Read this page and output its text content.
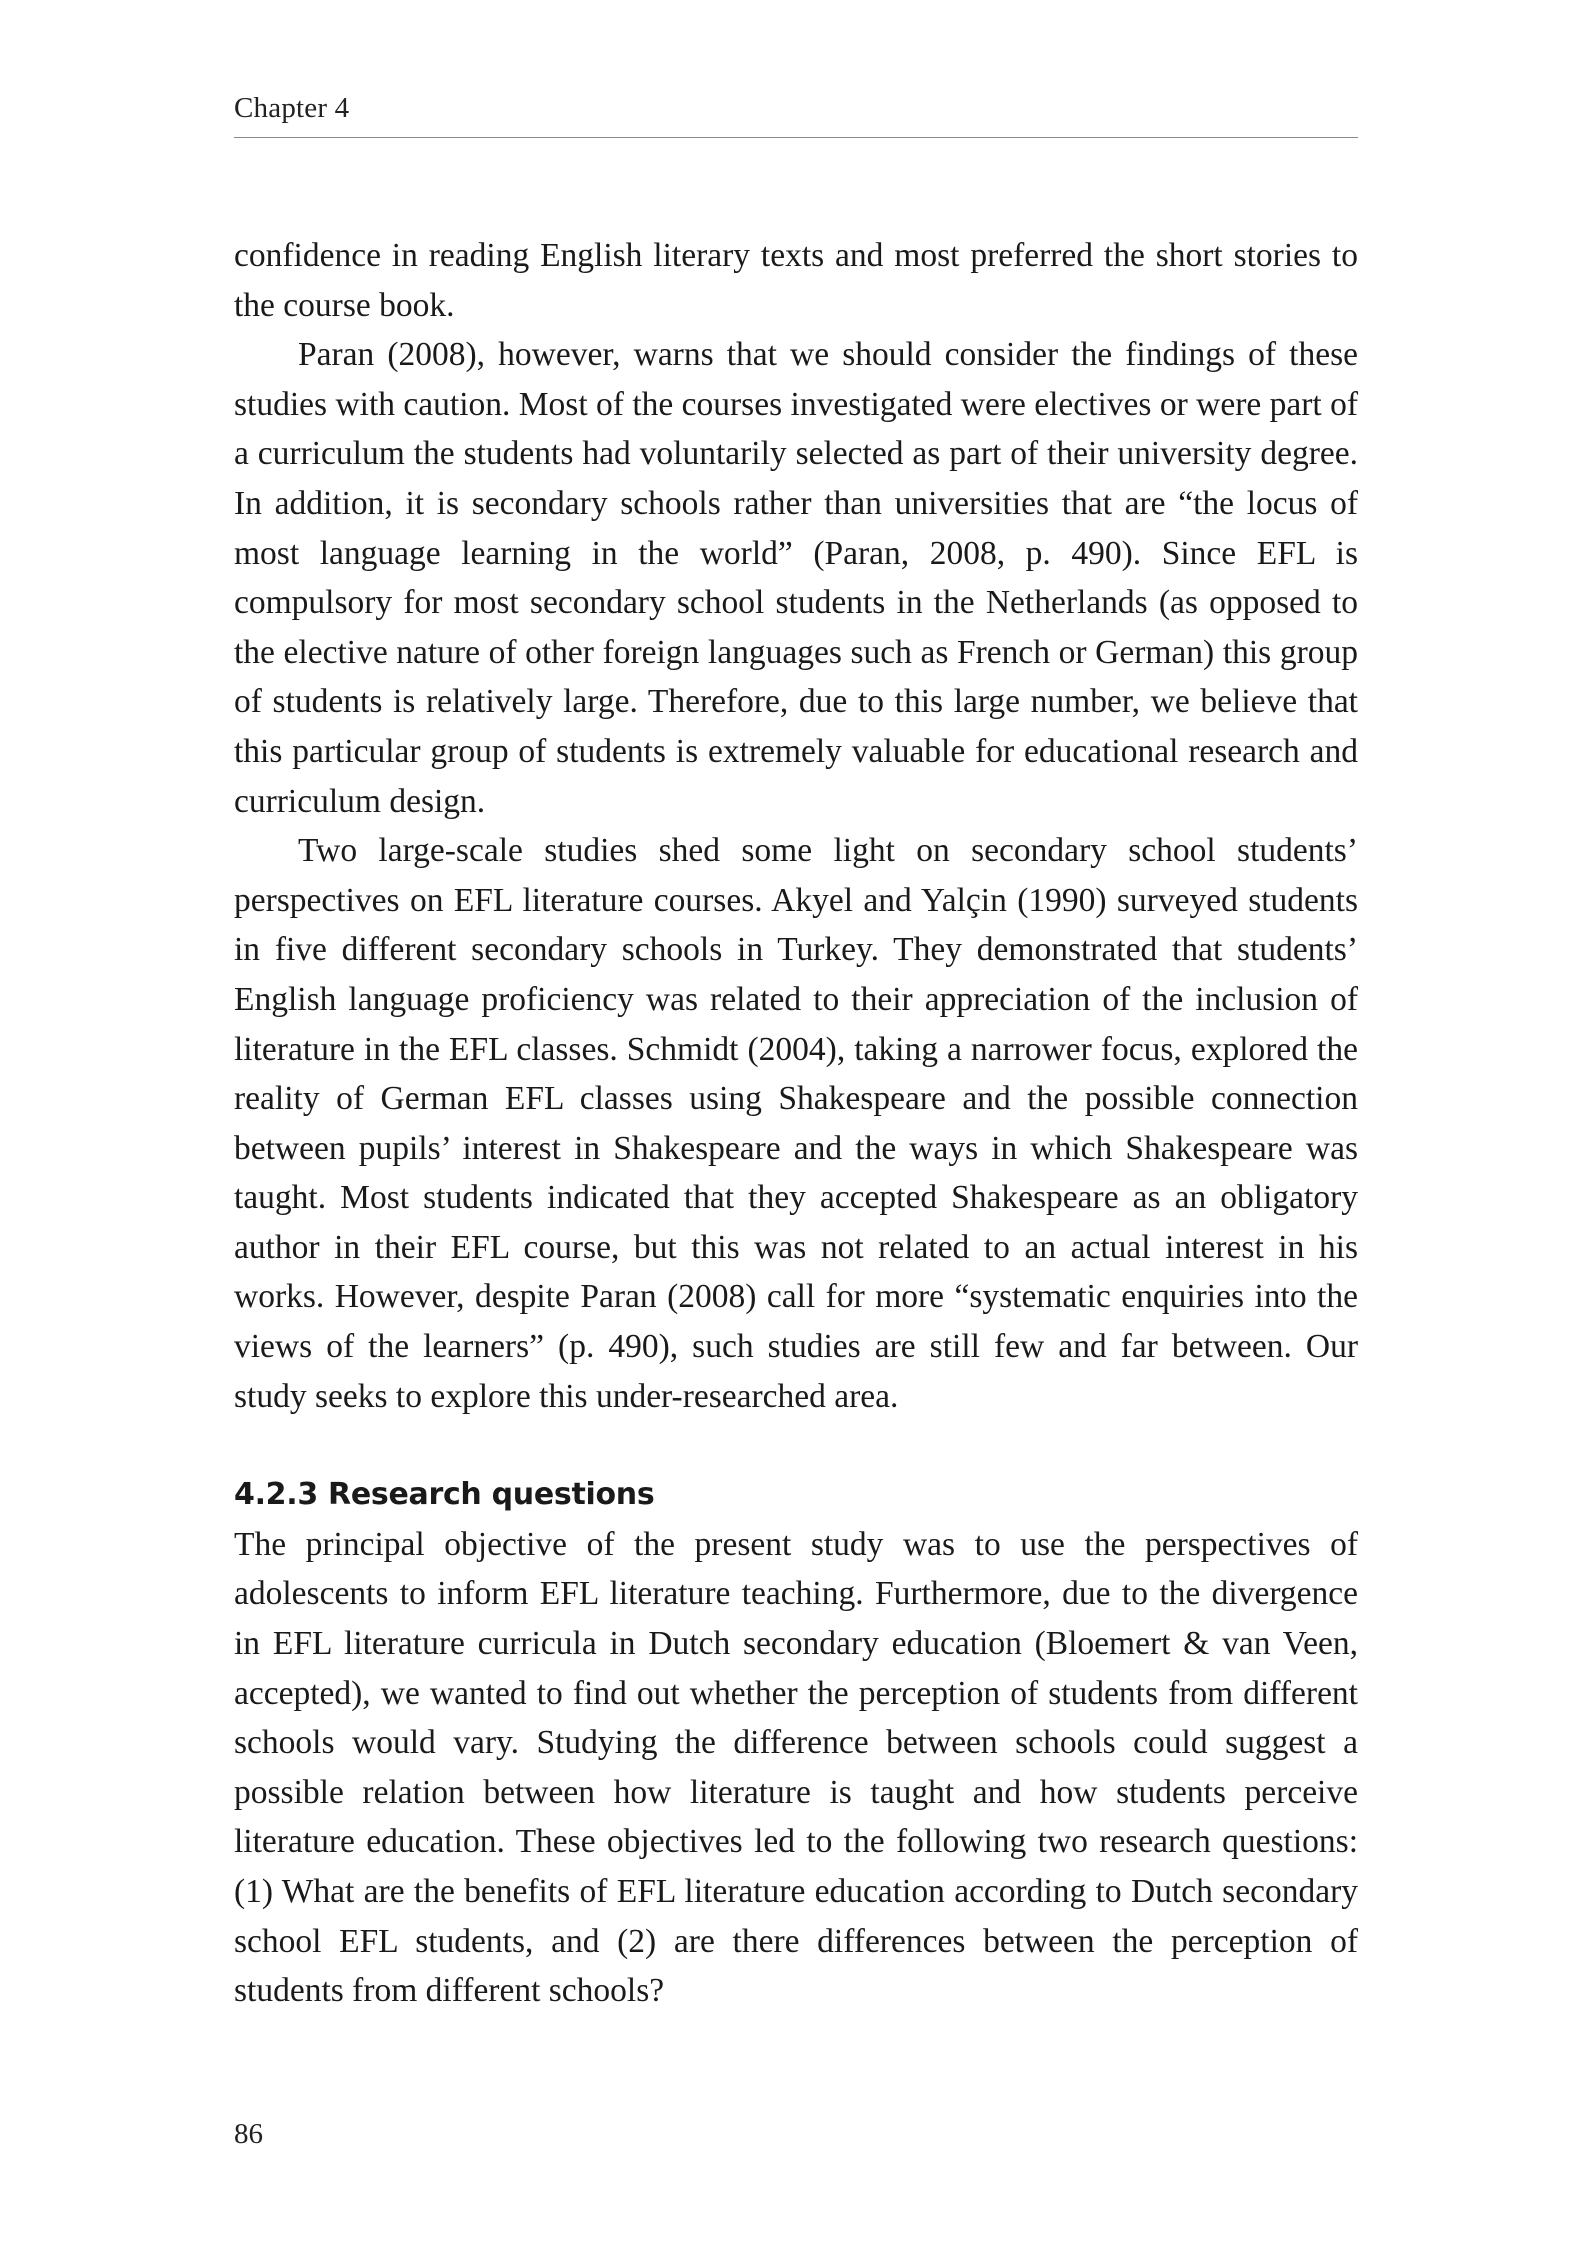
Chapter 4

confidence in reading English literary texts and most preferred the short stories to the course book.

Paran (2008), however, warns that we should consider the findings of these studies with caution. Most of the courses investigated were electives or were part of a curriculum the students had voluntarily selected as part of their university degree. In addition, it is secondary schools rather than universities that are “the locus of most language learning in the world” (Paran, 2008, p. 490). Since EFL is compulsory for most secondary school students in the Netherlands (as opposed to the elective nature of other foreign languages such as French or German) this group of students is relatively large. Therefore, due to this large number, we believe that this particular group of students is extremely valuable for educational research and curriculum design.

Two large-scale studies shed some light on secondary school students’ perspectives on EFL literature courses. Akyel and Yalçin (1990) surveyed students in five different secondary schools in Turkey. They demonstrated that students’ English language proficiency was related to their appreciation of the inclusion of literature in the EFL classes. Schmidt (2004), taking a narrower focus, explored the reality of German EFL classes using Shakespeare and the possible connection between pupils’ interest in Shakespeare and the ways in which Shakespeare was taught. Most students indicated that they accepted Shakespeare as an obligatory author in their EFL course, but this was not related to an actual interest in his works. However, despite Paran (2008) call for more “systematic enquiries into the views of the learners” (p. 490), such studies are still few and far between. Our study seeks to explore this under-researched area.

4.2.3 Research questions

The principal objective of the present study was to use the perspectives of adolescents to inform EFL literature teaching. Furthermore, due to the divergence in EFL literature curricula in Dutch secondary education (Bloemert & van Veen, accepted), we wanted to find out whether the perception of students from different schools would vary. Studying the difference between schools could suggest a possible relation between how literature is taught and how students perceive literature education. These objectives led to the following two research questions: (1) What are the benefits of EFL literature education according to Dutch secondary school EFL students, and (2) are there differences between the perception of students from different schools?

86
